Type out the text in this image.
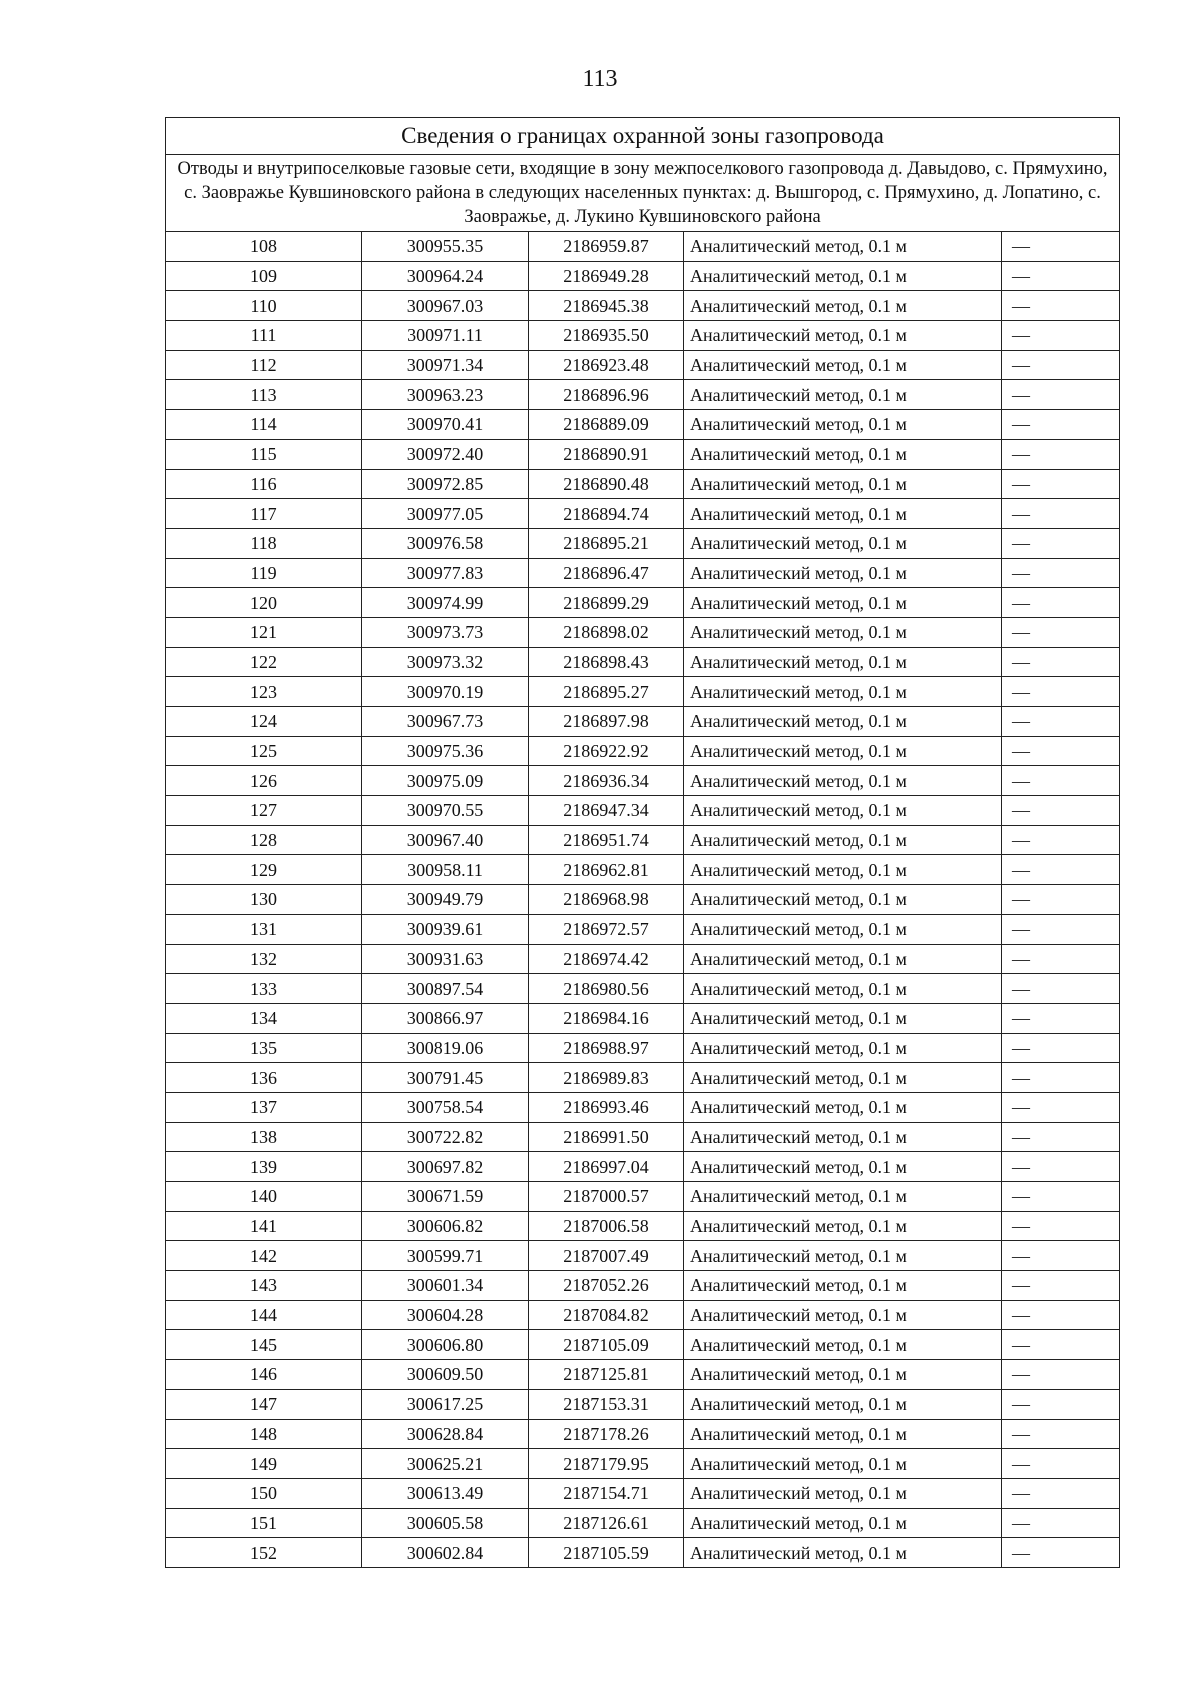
113
Сведения о границах охранной зоны газопровода				
Отводы и внутрипоселковые газовые сети, входящие в зону межпоселкового газопровода д. Давыдово, с. Прямухино, с. Заовражье Кувшиновского района в следующих населенных пунктах: д. Вышгород, с. Прямухино, д. Лопатино, с. Заовражье, д. Лукино Кувшиновского района				
108	300955.35	2186959.87	Аналитический метод, 0.1 м	—
109	300964.24	2186949.28	Аналитический метод, 0.1 м	—
110	300967.03	2186945.38	Аналитический метод, 0.1 м	—
111	300971.11	2186935.50	Аналитический метод, 0.1 м	—
112	300971.34	2186923.48	Аналитический метод, 0.1 м	—
113	300963.23	2186896.96	Аналитический метод, 0.1 м	—
114	300970.41	2186889.09	Аналитический метод, 0.1 м	—
115	300972.40	2186890.91	Аналитический метод, 0.1 м	—
116	300972.85	2186890.48	Аналитический метод, 0.1 м	—
117	300977.05	2186894.74	Аналитический метод, 0.1 м	—
118	300976.58	2186895.21	Аналитический метод, 0.1 м	—
119	300977.83	2186896.47	Аналитический метод, 0.1 м	—
120	300974.99	2186899.29	Аналитический метод, 0.1 м	—
121	300973.73	2186898.02	Аналитический метод, 0.1 м	—
122	300973.32	2186898.43	Аналитический метод, 0.1 м	—
123	300970.19	2186895.27	Аналитический метод, 0.1 м	—
124	300967.73	2186897.98	Аналитический метод, 0.1 м	—
125	300975.36	2186922.92	Аналитический метод, 0.1 м	—
126	300975.09	2186936.34	Аналитический метод, 0.1 м	—
127	300970.55	2186947.34	Аналитический метод, 0.1 м	—
128	300967.40	2186951.74	Аналитический метод, 0.1 м	—
129	300958.11	2186962.81	Аналитический метод, 0.1 м	—
130	300949.79	2186968.98	Аналитический метод, 0.1 м	—
131	300939.61	2186972.57	Аналитический метод, 0.1 м	—
132	300931.63	2186974.42	Аналитический метод, 0.1 м	—
133	300897.54	2186980.56	Аналитический метод, 0.1 м	—
134	300866.97	2186984.16	Аналитический метод, 0.1 м	—
135	300819.06	2186988.97	Аналитический метод, 0.1 м	—
136	300791.45	2186989.83	Аналитический метод, 0.1 м	—
137	300758.54	2186993.46	Аналитический метод, 0.1 м	—
138	300722.82	2186991.50	Аналитический метод, 0.1 м	—
139	300697.82	2186997.04	Аналитический метод, 0.1 м	—
140	300671.59	2187000.57	Аналитический метод, 0.1 м	—
141	300606.82	2187006.58	Аналитический метод, 0.1 м	—
142	300599.71	2187007.49	Аналитический метод, 0.1 м	—
143	300601.34	2187052.26	Аналитический метод, 0.1 м	—
144	300604.28	2187084.82	Аналитический метод, 0.1 м	—
145	300606.80	2187105.09	Аналитический метод, 0.1 м	—
146	300609.50	2187125.81	Аналитический метод, 0.1 м	—
147	300617.25	2187153.31	Аналитический метод, 0.1 м	—
148	300628.84	2187178.26	Аналитический метод, 0.1 м	—
149	300625.21	2187179.95	Аналитический метод, 0.1 м	—
150	300613.49	2187154.71	Аналитический метод, 0.1 м	—
151	300605.58	2187126.61	Аналитический метод, 0.1 м	—
152	300602.84	2187105.59	Аналитический метод, 0.1 м	—
